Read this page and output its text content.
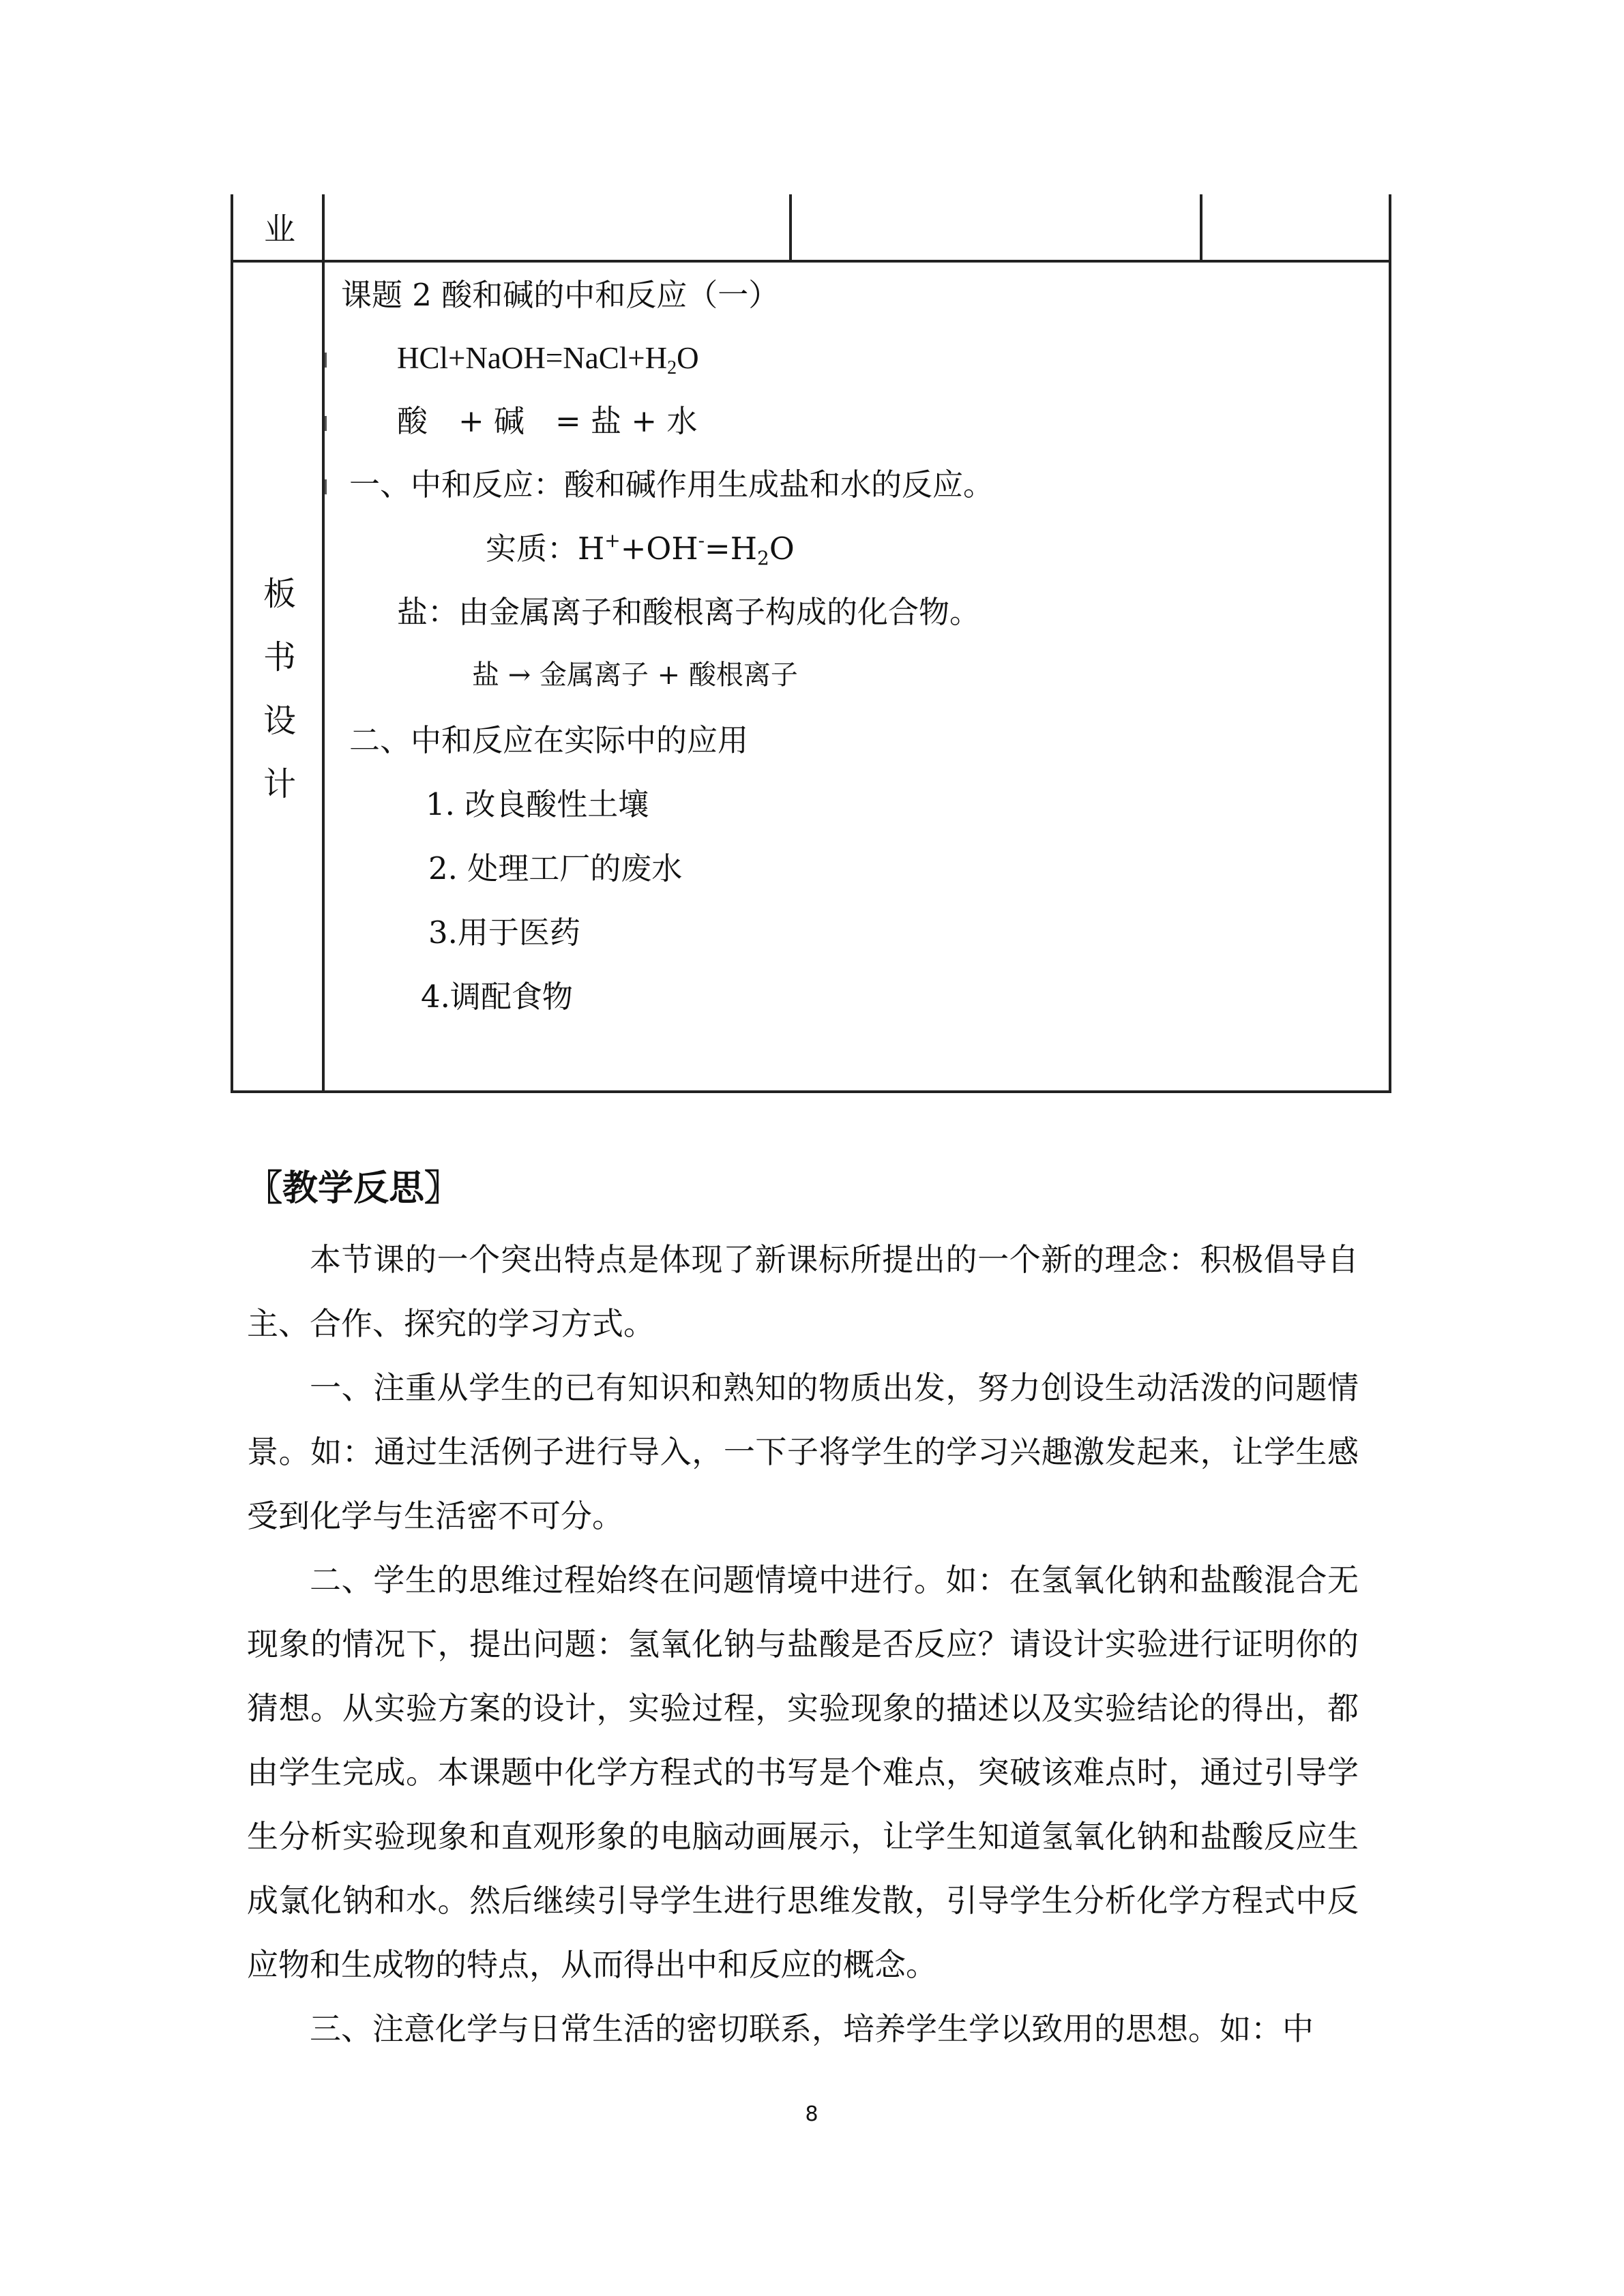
业
板
书
设
计
课题 2 酸和碱的中和反应（一）
$HCl+NaOH=NaCl+H_2O$
酸　+ 碱　= 盐 + 水
一、中和反应：酸和碱作用生成盐和水的反应。
实质：$H^++OH^-=H_2O$
盐：由金属离子和酸根离子构成的化合物。
盐 → 金属离子 + 酸根离子
二、中和反应在实际中的应用
1. 改良酸性土壤
2. 处理工厂的废水
3.用于医药
4.调配食物
〖教学反思〗
本节课的一个突出特点是体现了新课标所提出的一个新的理念：积极倡导自主、合作、探究的学习方式。
一、注重从学生的已有知识和熟知的物质出发，努力创设生动活泼的问题情景。如：通过生活例子进行导入，一下子将学生的学习兴趣激发起来，让学生感受到化学与生活密不可分。
二、学生的思维过程始终在问题情境中进行。如：在氢氧化钠和盐酸混合无现象的情况下，提出问题：氢氧化钠与盐酸是否反应？请设计实验进行证明你的猜想。从实验方案的设计，实验过程，实验现象的描述以及实验结论的得出，都由学生完成。本课题中化学方程式的书写是个难点，突破该难点时，通过引导学生分析实验现象和直观形象的电脑动画展示，让学生知道氢氧化钠和盐酸反应生成氯化钠和水。然后继续引导学生进行思维发散，引导学生分析化学方程式中反应物和生成物的特点，从而得出中和反应的概念。
三、注意化学与日常生活的密切联系，培养学生学以致用的思想。如：中
8
